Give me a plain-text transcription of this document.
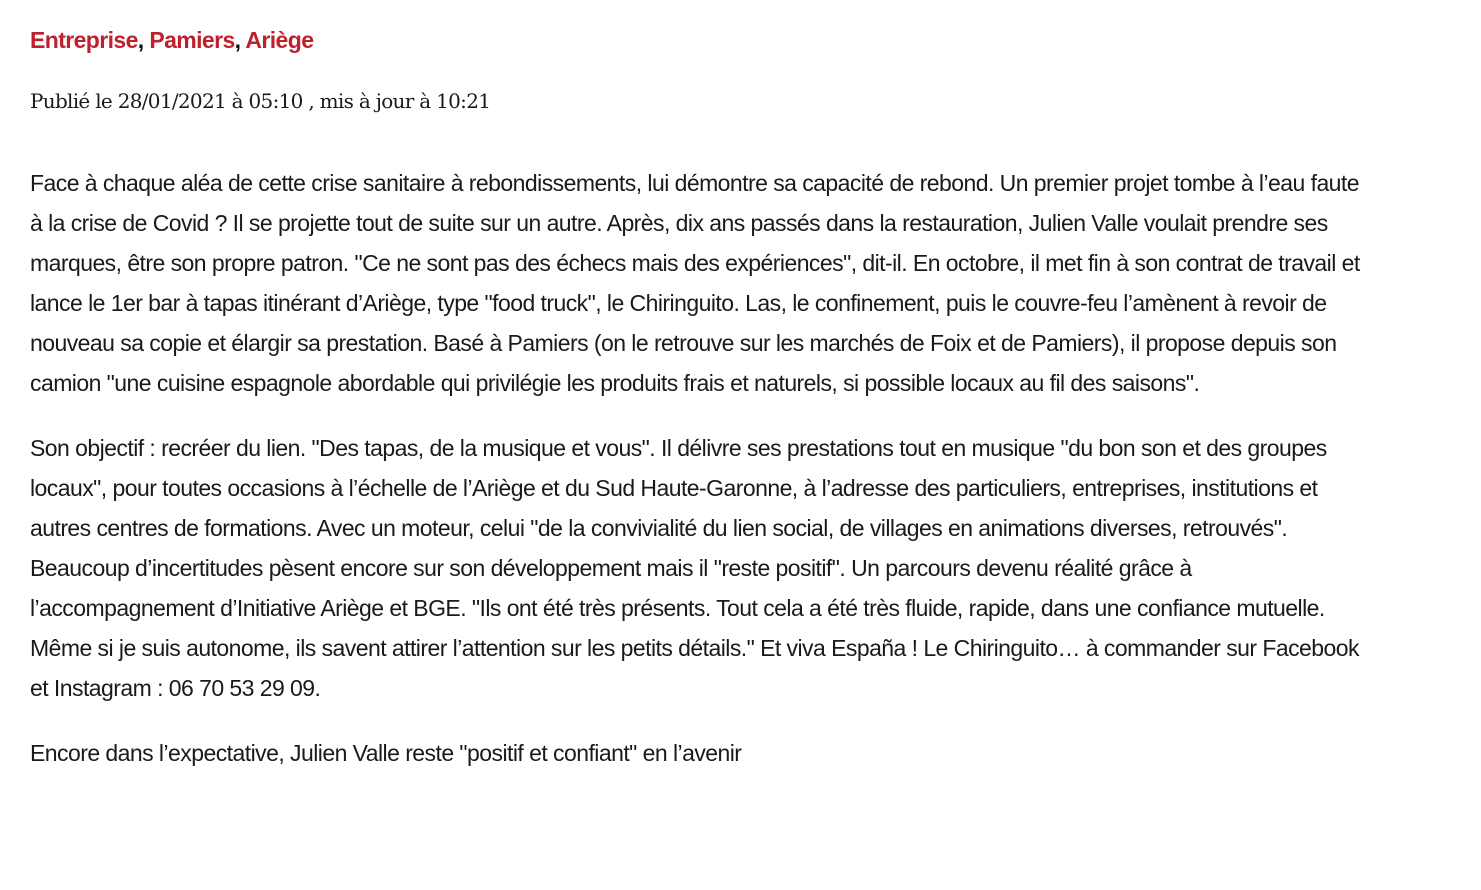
Entreprise, Pamiers, Ariège
Publié le 28/01/2021 à 05:10 , mis à jour à 10:21

Face à chaque aléa de cette crise sanitaire à rebondissements, lui démontre sa capacité de rebond. Un premier projet tombe à l’eau faute à la crise de Covid ? Il se projette tout de suite sur un autre. Après, dix ans passés dans la restauration, Julien Valle voulait prendre ses marques, être son propre patron. "Ce ne sont pas des échecs mais des expériences", dit-il. En octobre, il met fin à son contrat de travail et lance le 1er bar à tapas itinérant d’Ariège, type "food truck", le Chiringuito. Las, le confinement, puis le couvre-feu l’amènent à revoir de nouveau sa copie et élargir sa prestation. Basé à Pamiers (on le retrouve sur les marchés de Foix et de Pamiers), il propose depuis son camion "une cuisine espagnole abordable qui privilégie les produits frais et naturels, si possible locaux au fil des saisons".

Son objectif : recréer du lien. "Des tapas, de la musique et vous". Il délivre ses prestations tout en musique "du bon son et des groupes locaux", pour toutes occasions à l’échelle de l’Ariège et du Sud Haute-Garonne, à l’adresse des particuliers, entreprises, institutions et autres centres de formations. Avec un moteur, celui "de la convivialité du lien social, de villages en animations diverses, retrouvés". Beaucoup d’incertitudes pèsent encore sur son développement mais il "reste positif". Un parcours devenu réalité grâce à l’accompagnement d’Initiative Ariège et BGE. "Ils ont été très présents. Tout cela a été très fluide, rapide, dans une confiance mutuelle. Même si je suis autonome, ils savent attirer l’attention sur les petits détails." Et viva España ! Le Chiringuito… à commander sur Facebook et Instagram : 06 70 53 29 09.

Encore dans l’expectative, Julien Valle reste "positif et confiant" en l’avenir
